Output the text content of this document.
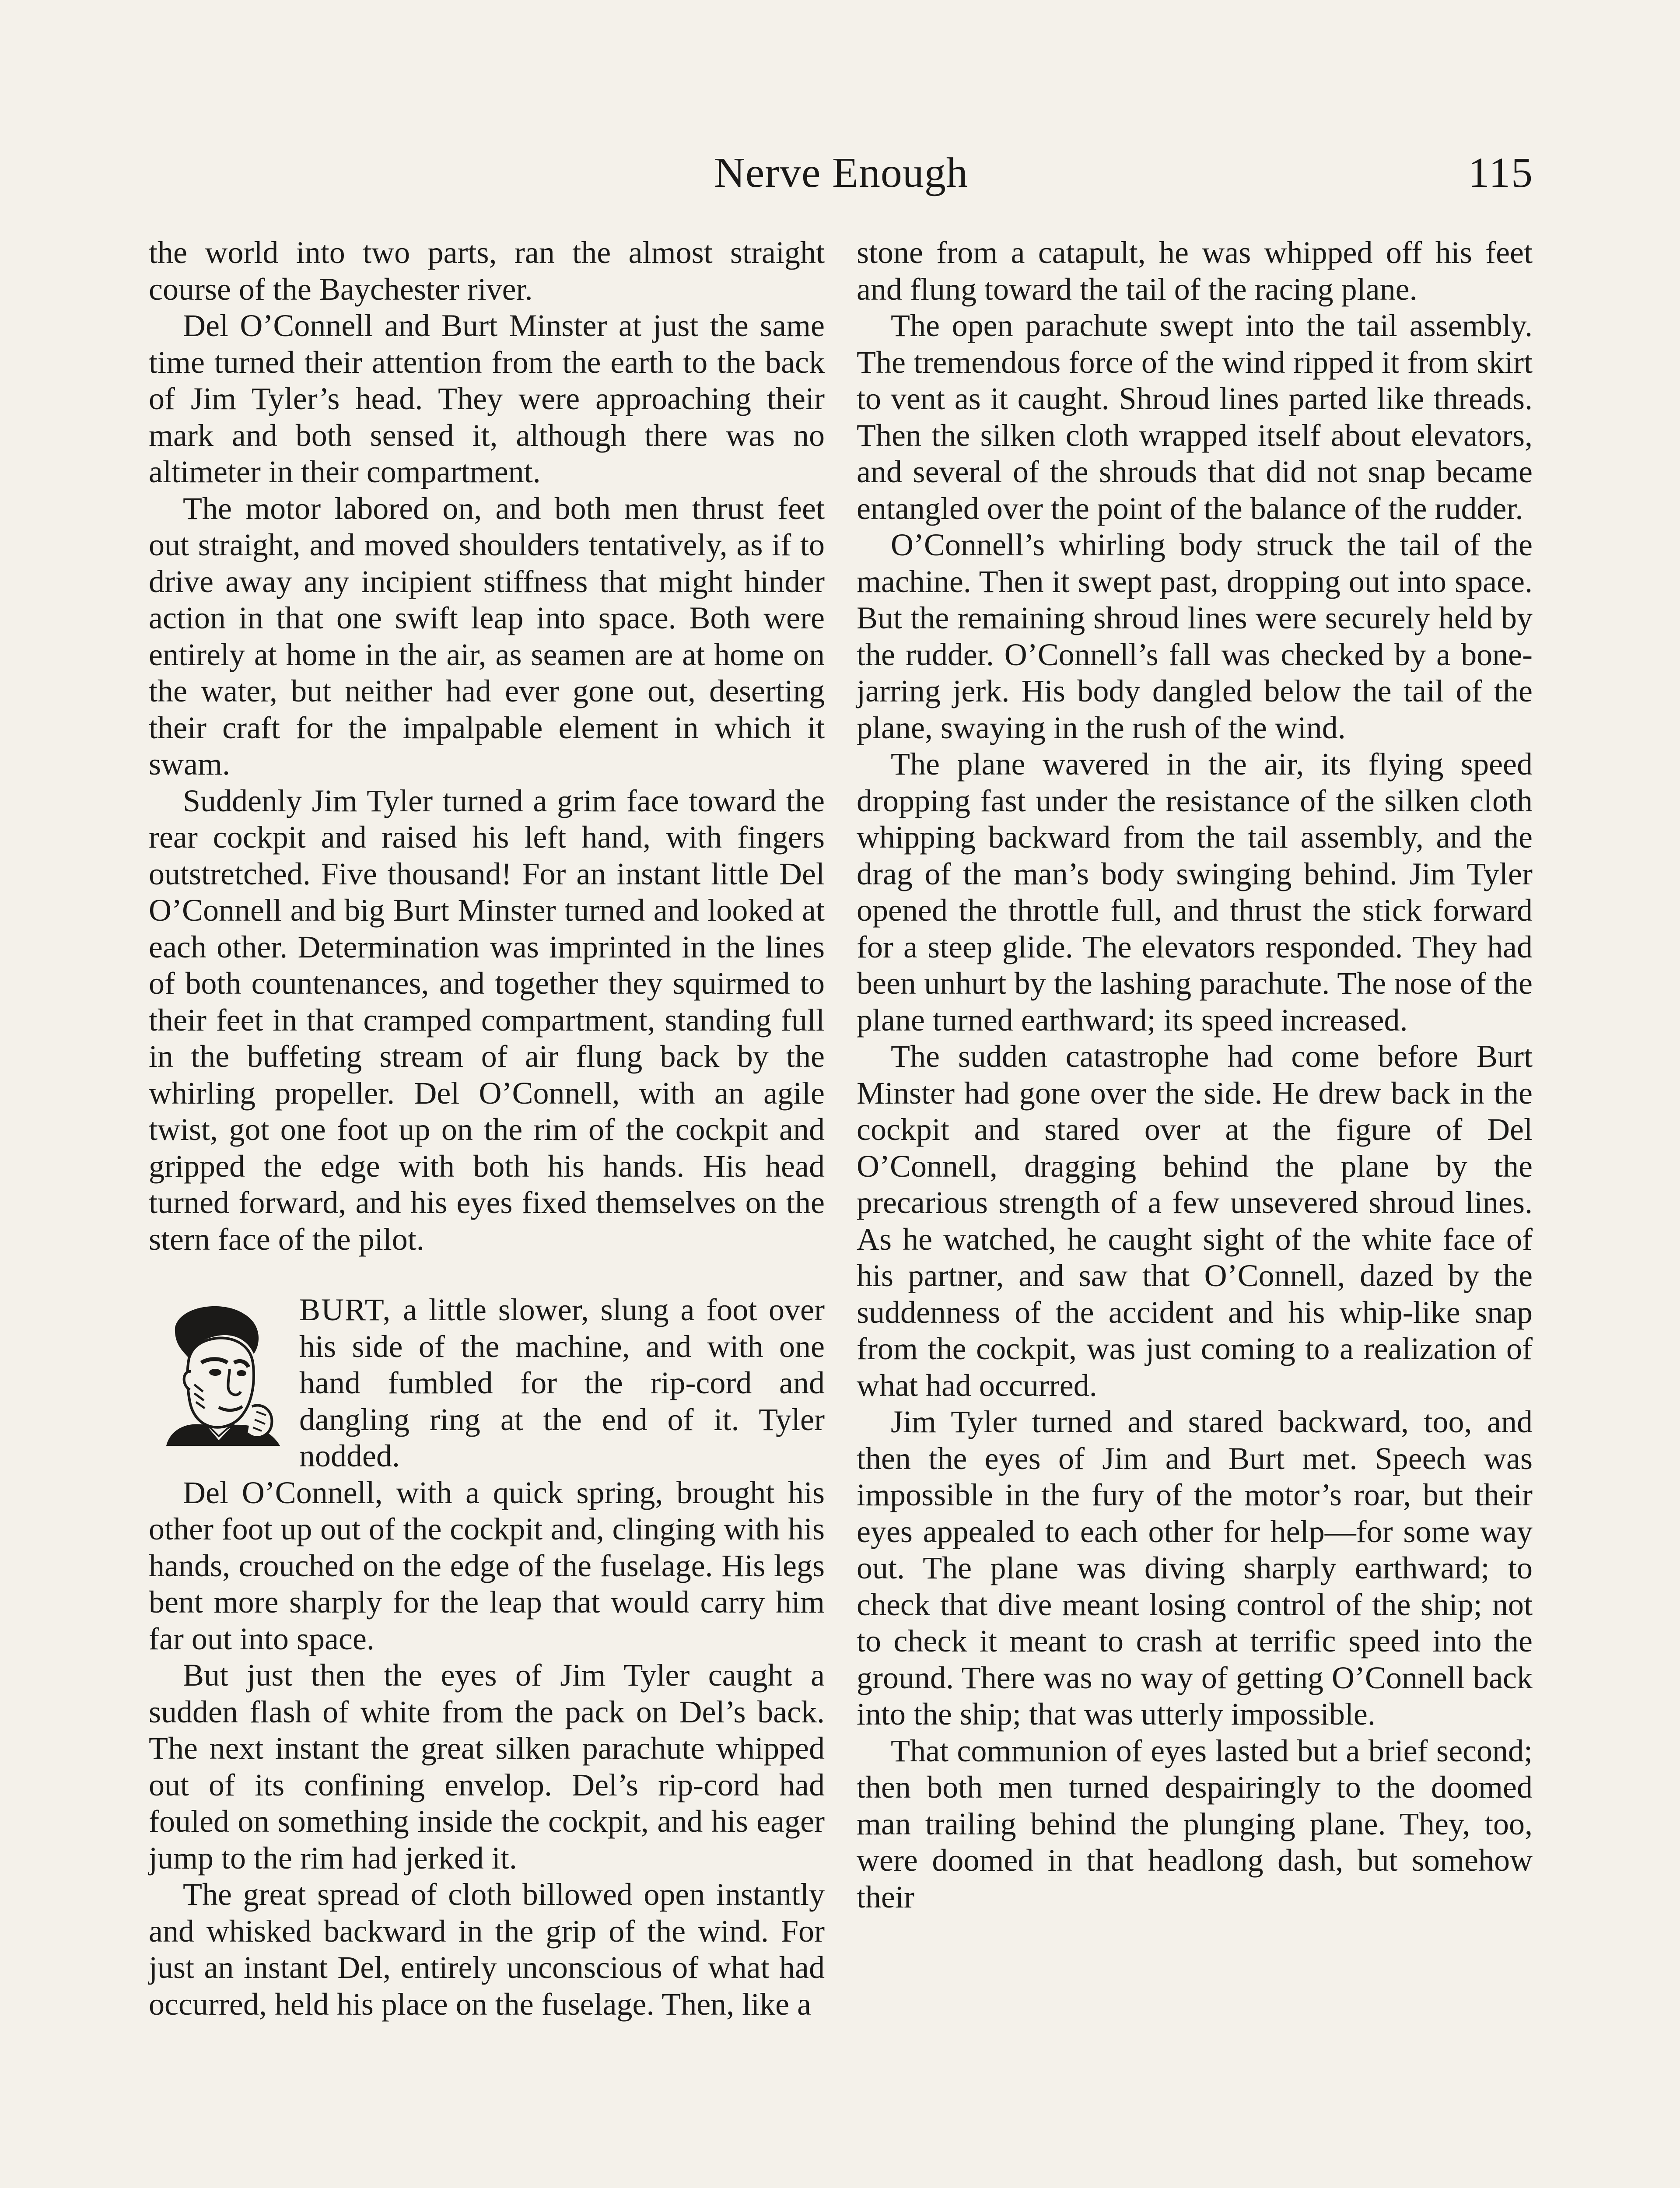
Nerve Enough	115

the world into two parts, ran the almost straight course of the Baychester river.

Del O’Connell and Burt Minster at just the same time turned their attention from the earth to the back of Jim Tyler’s head. They were approaching their mark and both sensed it, although there was no altimeter in their compartment.

The motor labored on, and both men thrust feet out straight, and moved shoulders tentatively, as if to drive away any incipient stiffness that might hinder action in that one swift leap into space. Both were entirely at home in the air, as seamen are at home on the water, but neither had ever gone out, deserting their craft for the impalpable element in which it swam.

Suddenly Jim Tyler turned a grim face toward the rear cockpit and raised his left hand, with fingers outstretched. Five thousand! For an instant little Del O’Connell and big Burt Minster turned and looked at each other. Determination was imprinted in the lines of both countenances, and together they squirmed to their feet in that cramped compartment, standing full in the buffeting stream of air flung back by the whirling propeller. Del O’Connell, with an agile twist, got one foot up on the rim of the cockpit and gripped the edge with both his hands. His head turned forward, and his eyes fixed themselves on the stern face of the pilot.

BURT, a little slower, slung a foot over his side of the machine, and with one hand fumbled for the rip-cord and dangling ring at the end of it. Tyler nodded.

Del O’Connell, with a quick spring, brought his other foot up out of the cockpit and, clinging with his hands, crouched on the edge of the fuselage. His legs bent more sharply for the leap that would carry him far out into space.

But just then the eyes of Jim Tyler caught a sudden flash of white from the pack on Del’s back. The next instant the great silken parachute whipped out of its confining envelop. Del’s rip-cord had fouled on something inside the cockpit, and his eager jump to the rim had jerked it.

The great spread of cloth billowed open instantly and whisked backward in the grip of the wind. For just an instant Del, entirely unconscious of what had occurred, held his place on the fuselage. Then, like a

stone from a catapult, he was whipped off his feet and flung toward the tail of the racing plane.

The open parachute swept into the tail assembly. The tremendous force of the wind ripped it from skirt to vent as it caught. Shroud lines parted like threads. Then the silken cloth wrapped itself about elevators, and several of the shrouds that did not snap became entangled over the point of the balance of the rudder.

O’Connell’s whirling body struck the tail of the machine. Then it swept past, dropping out into space. But the remaining shroud lines were securely held by the rudder. O’Connell’s fall was checked by a bone-jarring jerk. His body dangled below the tail of the plane, swaying in the rush of the wind.

The plane wavered in the air, its flying speed dropping fast under the resistance of the silken cloth whipping backward from the tail assembly, and the drag of the man’s body swinging behind. Jim Tyler opened the throttle full, and thrust the stick forward for a steep glide. The elevators responded. They had been unhurt by the lashing parachute. The nose of the plane turned earthward; its speed increased.

The sudden catastrophe had come before Burt Minster had gone over the side. He drew back in the cockpit and stared over at the figure of Del O’Connell, dragging behind the plane by the precarious strength of a few unsevered shroud lines. As he watched, he caught sight of the white face of his partner, and saw that O’Connell, dazed by the suddenness of the accident and his whip-like snap from the cockpit, was just coming to a realization of what had occurred.

Jim Tyler turned and stared backward, too, and then the eyes of Jim and Burt met. Speech was impossible in the fury of the motor’s roar, but their eyes appealed to each other for help—for some way out. The plane was diving sharply earthward; to check that dive meant losing control of the ship; not to check it meant to crash at terrific speed into the ground. There was no way of getting O’Connell back into the ship; that was utterly impossible.

That communion of eyes lasted but a brief second; then both men turned despairingly to the doomed man trailing behind the plunging plane. They, too, were doomed in that headlong dash, but somehow their
